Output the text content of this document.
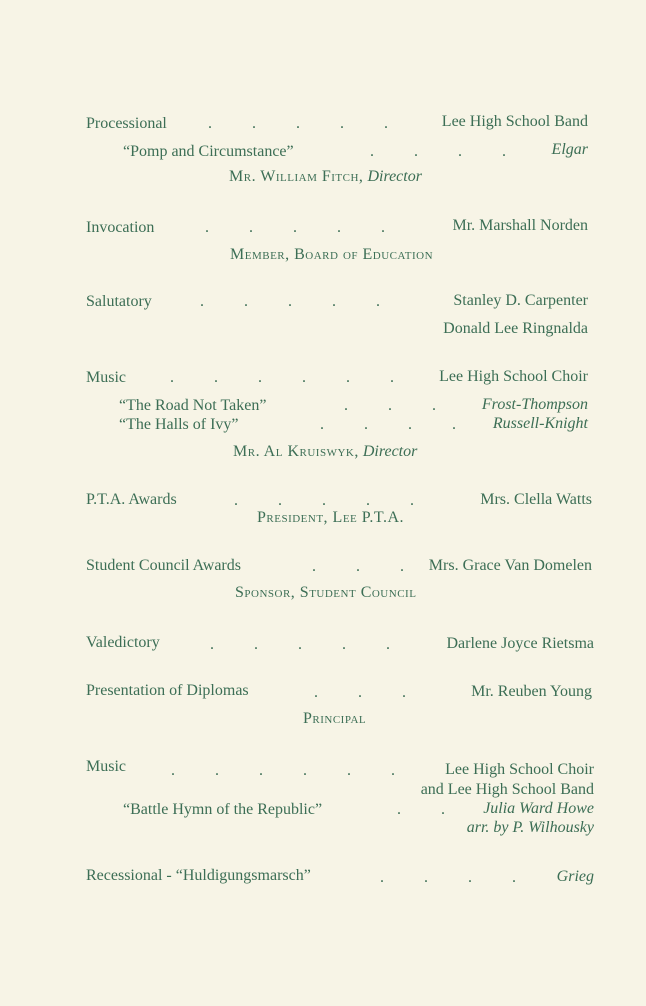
Processional	.          .          .          .          .	Lee High School Band
“Pomp and Circumstance”	.          .          .          .	Elgar
Mr. William Fitch, Director
Invocation	.          .          .          .          .	Mr. Marshall Norden
Member, Board of Education
Salutatory	.          .          .          .          .	Stanley D. Carpenter
Donald Lee Ringnalda
Music	.          .          .          .          .          .	Lee High School Choir
“The Road Not Taken”	.          .          .	Frost-Thompson
“The Halls of Ivy”	.          .          .          . Russell-Knight
Mr. Al Kruiswyk, Director
P.T.A. Awards	.          .          .          .          .	Mrs. Clella Watts
President, Lee P.T.A.
Student Council Awards	.          .          . Mrs. Grace Van Domelen
Sponsor, Student Council
Valedictory	.          .          .          .          .	Darlene Joyce Rietsma
Presentation of Diplomas	.          .          .	Mr. Reuben Young
Principal
Music	.          .          .          .          .          .	Lee High School Choir
and Lee High School Band
“Battle Hymn of the Republic”	.          . Julia Ward Howe
arr. by P. Wilhousky
Recessional - “Huldigungsmarsch”	.          .          .          .	Grieg
